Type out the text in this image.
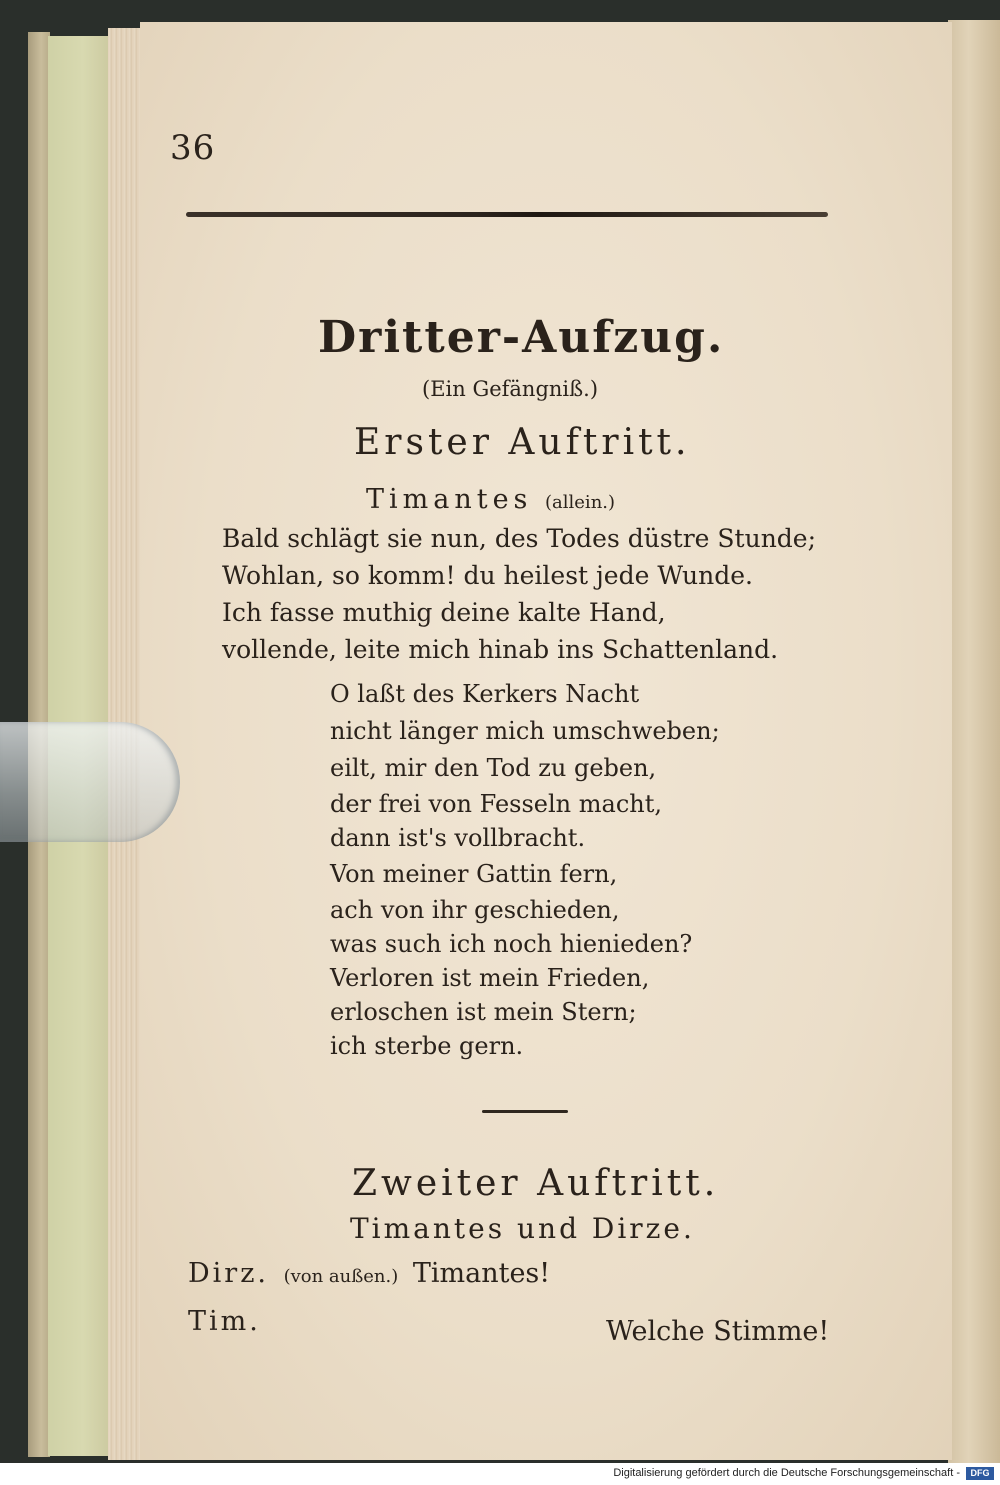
36
Dritter-Aufzug.
(Ein Gefängniß.)
Erster Auftritt.
Timantes (allein.)
Bald schlägt sie nun, des Todes düstre Stunde;
Wohlan, so komm! du heilest jede Wunde.
Ich fasse muthig deine kalte Hand,
vollende, leite mich hinab ins Schattenland.
O laßt des Kerkers Nacht
nicht länger mich umschweben;
eilt, mir den Tod zu geben,
der frei von Fesseln macht,
dann ist's vollbracht.
Von meiner Gattin fern,
ach von ihr geschieden,
was such ich noch hienieden?
Verloren ist mein Frieden,
erloschen ist mein Stern;
ich sterbe gern.
Zweiter Auftritt.
Timantes und Dirze.
Dirz. (von außen.) Timantes!
Tim.	Welche Stimme!
Digitalisierung gefördert durch die Deutsche Forschungsgemeinschaft -	DFG
